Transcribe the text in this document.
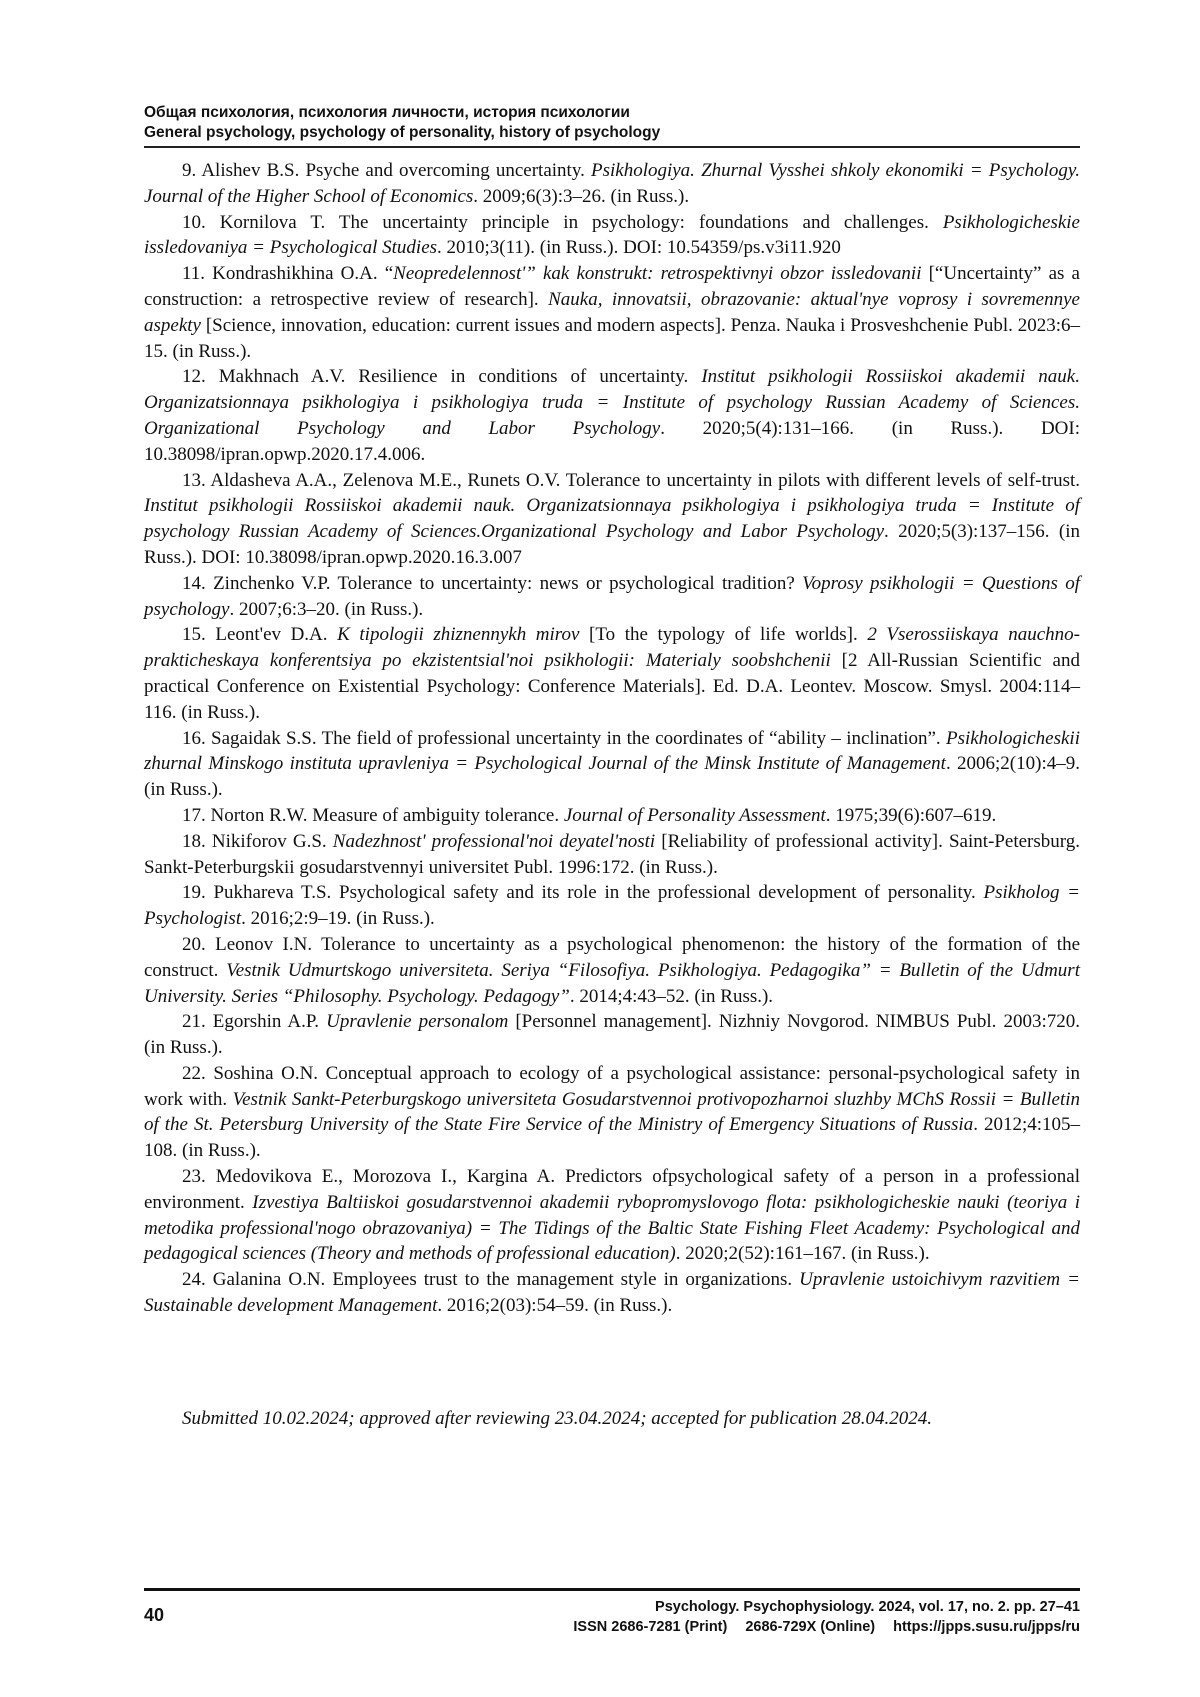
Общая психология, психология личности, история психологии
General psychology, psychology of personality, history of psychology

9. Alishev B.S. Psyche and overcoming uncertainty. Psikhologiya. Zhurnal Vysshei shkoly ekonomiki = Psychology. Journal of the Higher School of Economics. 2009;6(3):3–26. (in Russ.).

10. Kornilova T. The uncertainty principle in psychology: foundations and challenges. Psikhologicheskie issledovaniya = Psychological Studies. 2010;3(11). (in Russ.). DOI: 10.54359/ps.v3i11.920

11. Kondrashikhina O.A. “Neopredelennost'” kak konstrukt: retrospektivnyi obzor issledovanii [“Uncertainty” as a construction: a retrospective review of research]. Nauka, innovatsii, obrazovanie: aktual'nye voprosy i sovremennye aspekty [Science, innovation, education: current issues and modern aspects]. Penza. Nauka i Prosveshchenie Publ. 2023:6–15. (in Russ.).

12. Makhnach A.V. Resilience in conditions of uncertainty. Institut psikhologii Rossiiskoi akademii nauk. Organizatsionnaya psikhologiya i psikhologiya truda = Institute of psychology Russian Academy of Sciences. Organizational Psychology and Labor Psychology. 2020;5(4):131–166. (in Russ.). DOI: 10.38098/ipran.opwp.2020.17.4.006.

13. Aldasheva A.A., Zelenova M.E., Runets O.V. Tolerance to uncertainty in pilots with different levels of self-trust. Institut psikhologii Rossiiskoi akademii nauk. Organizatsionnaya psikhologiya i psikhologiya truda = Institute of psychology Russian Academy of Sciences.Organizational Psychology and Labor Psychology. 2020;5(3):137–156. (in Russ.). DOI: 10.38098/ipran.opwp.2020.16.3.007

14. Zinchenko V.P. Tolerance to uncertainty: news or psychological tradition? Voprosy psikhologii = Questions of psychology. 2007;6:3–20. (in Russ.).

15. Leont'ev D.A. K tipologii zhiznennykh mirov [To the typology of life worlds]. 2 Vserossiiskaya nauchno-prakticheskaya konferentsiya po ekzistentsial'noi psikhologii: Materialy soobshchenii [2 All-Russian Scientific and practical Conference on Existential Psychology: Conference Materials]. Ed. D.A. Leontev. Moscow. Smysl. 2004:114–116. (in Russ.).

16. Sagaidak S.S. The field of professional uncertainty in the coordinates of “ability – inclination”. Psikhologicheskii zhurnal Minskogo instituta upravleniya = Psychological Journal of the Minsk Institute of Management. 2006;2(10):4–9. (in Russ.).

17. Norton R.W. Measure of ambiguity tolerance. Journal of Personality Assessment. 1975;39(6):607–619.

18. Nikiforov G.S. Nadezhnost' professional'noi deyatel'nosti [Reliability of professional activity]. Saint-Petersburg. Sankt-Peterburgskii gosudarstvennyi universitet Publ. 1996:172. (in Russ.).

19. Pukhareva T.S. Psychological safety and its role in the professional development of personality. Psikholog = Psychologist. 2016;2:9–19. (in Russ.).

20. Leonov I.N. Tolerance to uncertainty as a psychological phenomenon: the history of the formation of the construct. Vestnik Udmurtskogo universiteta. Seriya “Filosofiya. Psikhologiya. Pedagogika” = Bulletin of the Udmurt University. Series “Philosophy. Psychology. Pedagogy”. 2014;4:43–52. (in Russ.).

21. Egorshin A.P. Upravlenie personalom [Personnel management]. Nizhniy Novgorod. NIMBUS Publ. 2003:720. (in Russ.).

22. Soshina O.N. Conceptual approach to ecology of a psychological assistance: personal-psychological safety in work with. Vestnik Sankt-Peterburgskogo universiteta Gosudarstvennoi protivopozharnoi sluzhby MChS Rossii = Bulletin of the St. Petersburg University of the State Fire Service of the Ministry of Emergency Situations of Russia. 2012;4:105–108. (in Russ.).

23. Medovikova E., Morozova I., Kargina A. Predictors ofpsychological safety of a person in a professional environment. Izvestiya Baltiiskoi gosudarstvennoi akademii rybopromyslovogo flota: psikhologicheskie nauki (teoriya i metodika professional'nogo obrazovaniya) = The Tidings of the Baltic State Fishing Fleet Academy: Psychological and pedagogical sciences (Theory and methods of professional education). 2020;2(52):161–167. (in Russ.).

24. Galanina O.N. Employees trust to the management style in organizations. Upravlenie ustoichivym razvitiem = Sustainable development Management. 2016;2(03):54–59. (in Russ.).

Submitted 10.02.2024; approved after reviewing 23.04.2024; accepted for publication 28.04.2024.
40	Psychology. Psychophysiology. 2024, vol. 17, no. 2. pp. 27–41
ISSN 2686-7281 (Print) 2686-729X (Online) https://jpps.susu.ru/jpps/ru
